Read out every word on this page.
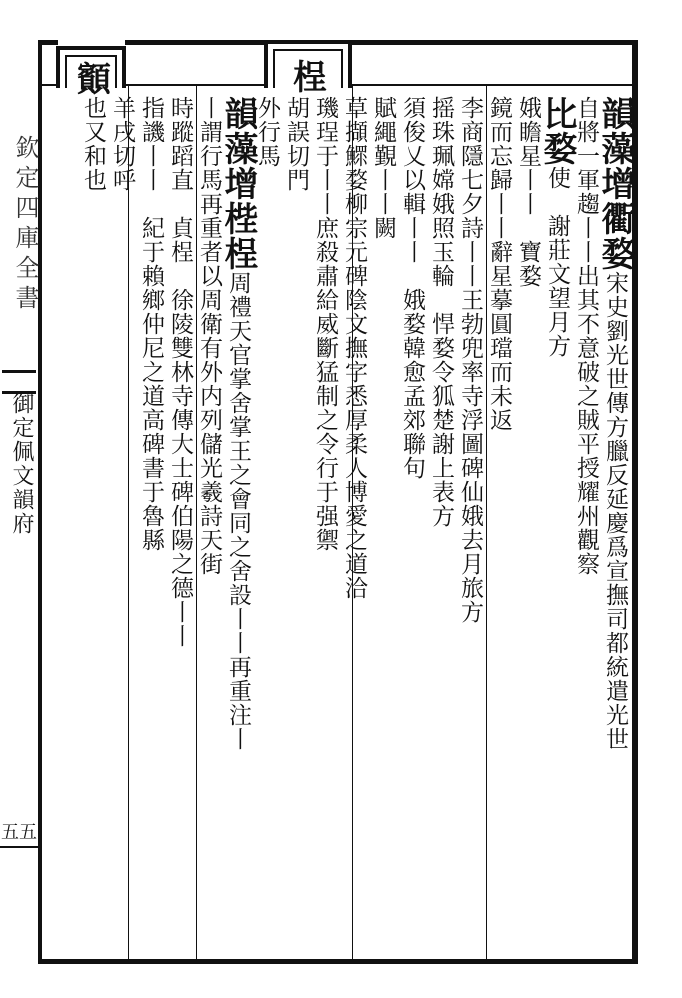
顮	桯
欽定四庫全書
御定佩文韻府
五五
韻藻增衢婺宋史劉光世傳方臘反延慶爲宣撫司都統遣光世
自將一軍趨丨丨出其不意破之賊平授耀州觀察
比婺使　謝莊文望月方
娥瞻星丨丨　寶婺
鏡而忘歸丨丨辭星摹圓璫而未返
李商隱七夕詩丨丨王勃兜率寺浮圖碑仙娥去月旅方
摇珠珮嫦娥照玉輪　悍婺令狐楚謝上表方
須俊乂以輯丨丨　娥婺韓愈孟郊聯句
賦繩覲丨丨闕
草擷鰥婺柳宗元碑陰文撫字悉厚柔人博愛之道洽
璣珵于丨丨庶殺肅給威斷猛制之令行于强禦
胡誤切門
外行馬
韻藻增梐桯周禮天官掌舍掌王之會同之舍設丨丨再重注丨
丨謂行馬再重者以周衛有外内列儲光羲詩天街
時蹤蹈直　貞桯　徐陵雙林寺傳大士碑伯陽之德丨丨
指譏丨丨　紀于賴鄉仲尼之道高碑書于魯縣
羊戌切呼
也又和也
